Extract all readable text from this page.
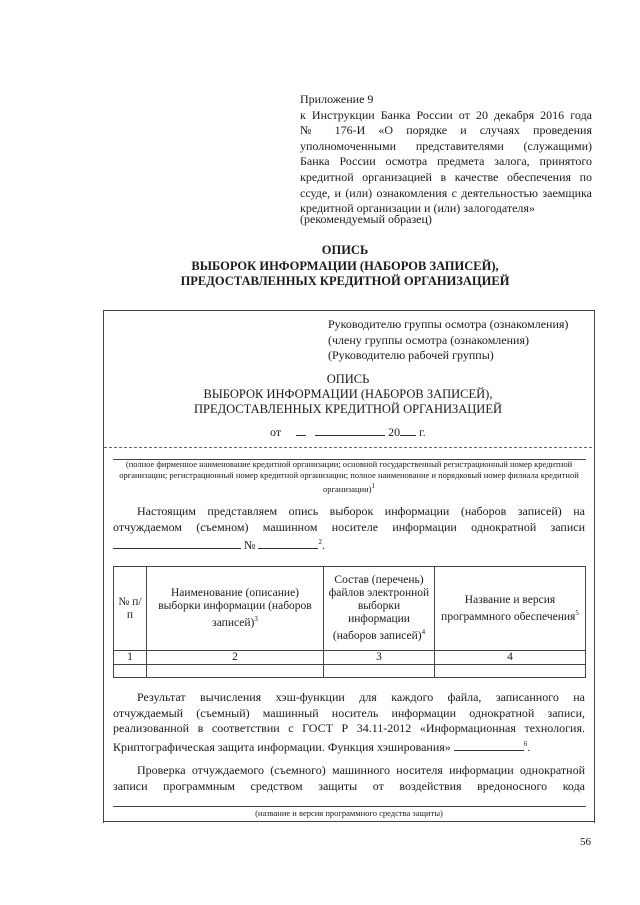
Приложение 9
к Инструкции Банка России от 20 декабря 2016 года
№ 176-И «О порядке и случаях проведения
уполномоченными представителями (служащими)
Банка России осмотра предмета залога, принятого
кредитной организацией в качестве обеспечения по
ссуде, и (или) ознакомления с деятельностью заемщика
кредитной организации и (или) залогодателя»
(рекомендуемый образец)
ОПИСЬ
ВЫБОРОК ИНФОРМАЦИИ (НАБОРОВ ЗАПИСЕЙ),
ПРЕДОСТАВЛЕННЫХ КРЕДИТНОЙ ОРГАНИЗАЦИЕЙ
Руководителю группы осмотра (ознакомления)
(члену группы осмотра (ознакомления)
(Руководителю рабочей группы)
ОПИСЬ
ВЫБОРОК ИНФОРМАЦИИ (НАБОРОВ ЗАПИСЕЙ),
ПРЕДОСТАВЛЕННЫХ КРЕДИТНОЙ ОРГАНИЗАЦИЕЙ
от	20 г.
(полное фирменное наименование кредитной организации; основной государственный регистрационный номер кредитной организации; регистрационный номер кредитной организации; полное наименование и порядковый номер филиала кредитной организации)$^1$
Настоящим представляем опись выборок информации (наборов записей) на
отчуждаемом (съемном) машинном носителе информации однократной записи
№	$^2$.
№ п/п	Наименование (описание) выборки информации (наборов записей)$^3$	Состав (перечень) файлов электронной выборки информации (наборов записей)$^4$	Название и версия программного обеспечения$^5$
1	2	3	4

Результат вычисления хэш-функции для каждого файла, записанного на
отчуждаемый (съемный) машинный носитель информации однократной записи,
реализованной в соответствии с ГОСТ Р 34.11-2012 «Информационная технология.
Криптографическая защита информации. Функция хэширования»	$^6$.
Проверка отчуждаемого (съемного) машинного носителя информации однократной
записи программным средством защиты от воздействия вредоносного кода
(название и версия программного средства защиты)
56
